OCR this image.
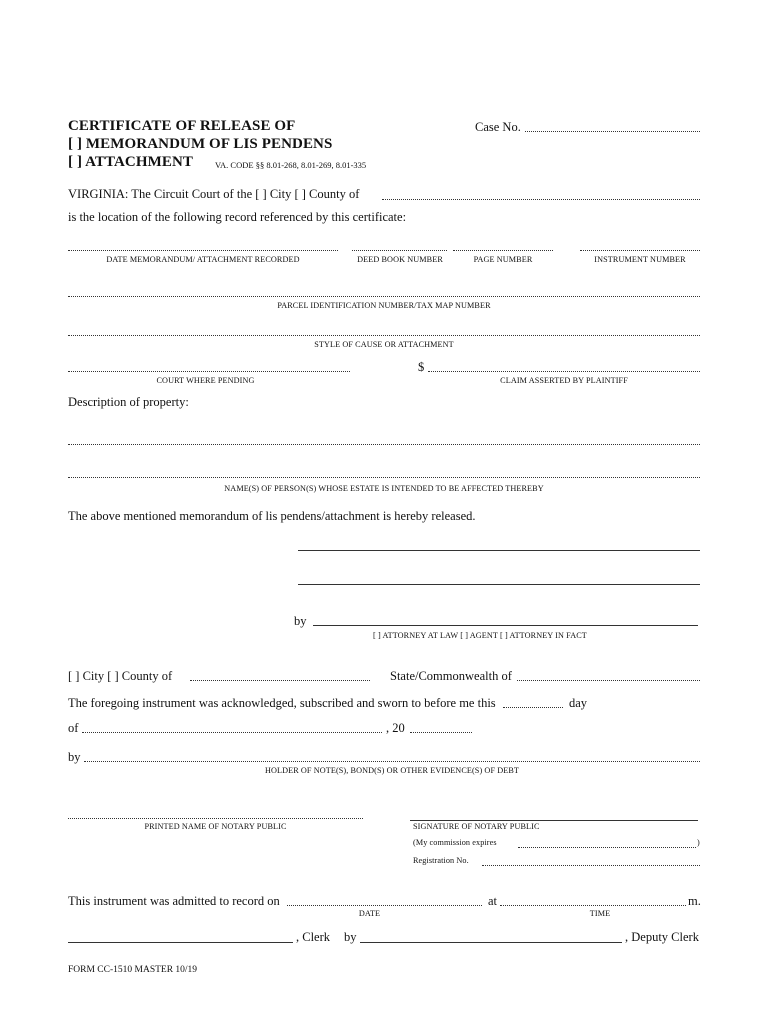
CERTIFICATE OF RELEASE OF
[ ] MEMORANDUM OF LIS PENDENS
[ ] ATTACHMENT	VA. CODE §§ 8.01-268, 8.01-269, 8.01-335
Case No.
VIRGINIA: The Circuit Court of the [ ] City [ ] County of
is the location of the following record referenced by this certificate:
DATE MEMORANDUM/ ATTACHMENT RECORDED	DEED BOOK NUMBER	PAGE NUMBER	INSTRUMENT NUMBER
PARCEL IDENTIFICATION NUMBER/TAX MAP NUMBER
STYLE OF CAUSE OR ATTACHMENT
COURT WHERE PENDING
$
CLAIM ASSERTED BY PLAINTIFF
Description of property:
NAME(S) OF PERSON(S) WHOSE ESTATE IS INTENDED TO BE AFFECTED THEREBY
The above mentioned memorandum of lis pendens/attachment is hereby released.
by
[ ] ATTORNEY AT LAW [ ] AGENT [ ] ATTORNEY IN FACT
[ ] City [ ] County of	State/Commonwealth of
The foregoing instrument was acknowledged, subscribed and sworn to before me this	day
of	, 20
by
HOLDER OF NOTE(S), BOND(S) OR OTHER EVIDENCE(S) OF DEBT
PRINTED NAME OF NOTARY PUBLIC	SIGNATURE OF NOTARY PUBLIC
(My commission expires	)
Registration No.
This instrument was admitted to record on
DATE
at	m.
TIME
, Clerk by	, Deputy Clerk
FORM CC-1510 MASTER 10/19
